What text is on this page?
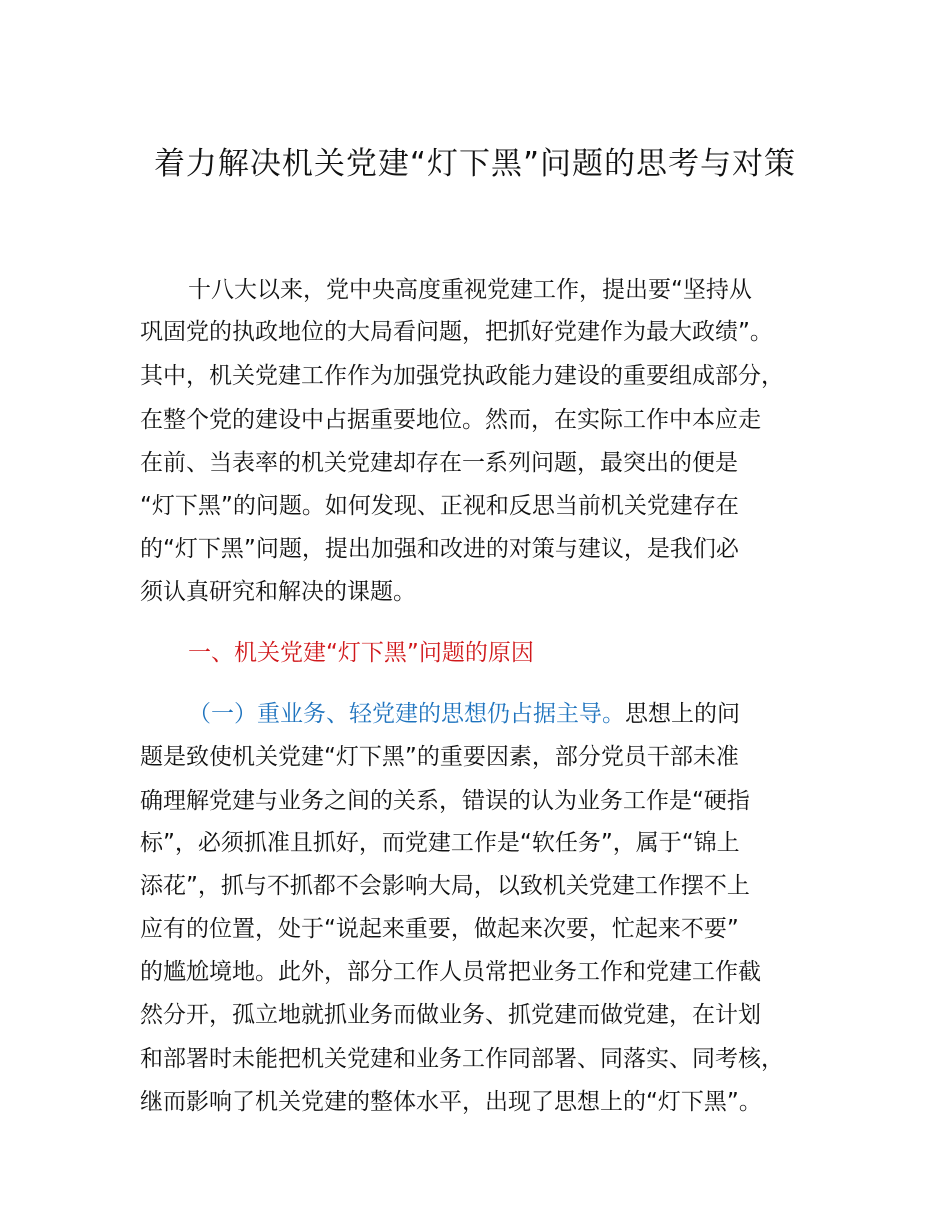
着力解决机关党建“灯下黑”问题的思考与对策

十八大以来，党中央高度重视党建工作，提出要“坚持从

巩固党的执政地位的大局看问题，把抓好党建作为最大政绩”。

其中，机关党建工作作为加强党执政能力建设的重要组成部分，

在整个党的建设中占据重要地位。然而，在实际工作中本应走

在前、当表率的机关党建却存在一系列问题，最突出的便是

“灯下黑”的问题。如何发现、正视和反思当前机关党建存在

的“灯下黑”问题，提出加强和改进的对策与建议，是我们必

须认真研究和解决的课题。

一、机关党建“灯下黑”问题的原因

（一）重业务、轻党建的思想仍占据主导。思想上的问

题是致使机关党建“灯下黑”的重要因素，部分党员干部未准

确理解党建与业务之间的关系，错误的认为业务工作是“硬指

标”，必须抓准且抓好，而党建工作是“软任务”，属于“锦上

添花”，抓与不抓都不会影响大局，以致机关党建工作摆不上

应有的位置，处于“说起来重要，做起来次要，忙起来不要”

的尴尬境地。此外，部分工作人员常把业务工作和党建工作截

然分开，孤立地就抓业务而做业务、抓党建而做党建，在计划

和部署时未能把机关党建和业务工作同部署、同落实、同考核，

继而影响了机关党建的整体水平，出现了思想上的“灯下黑”。
